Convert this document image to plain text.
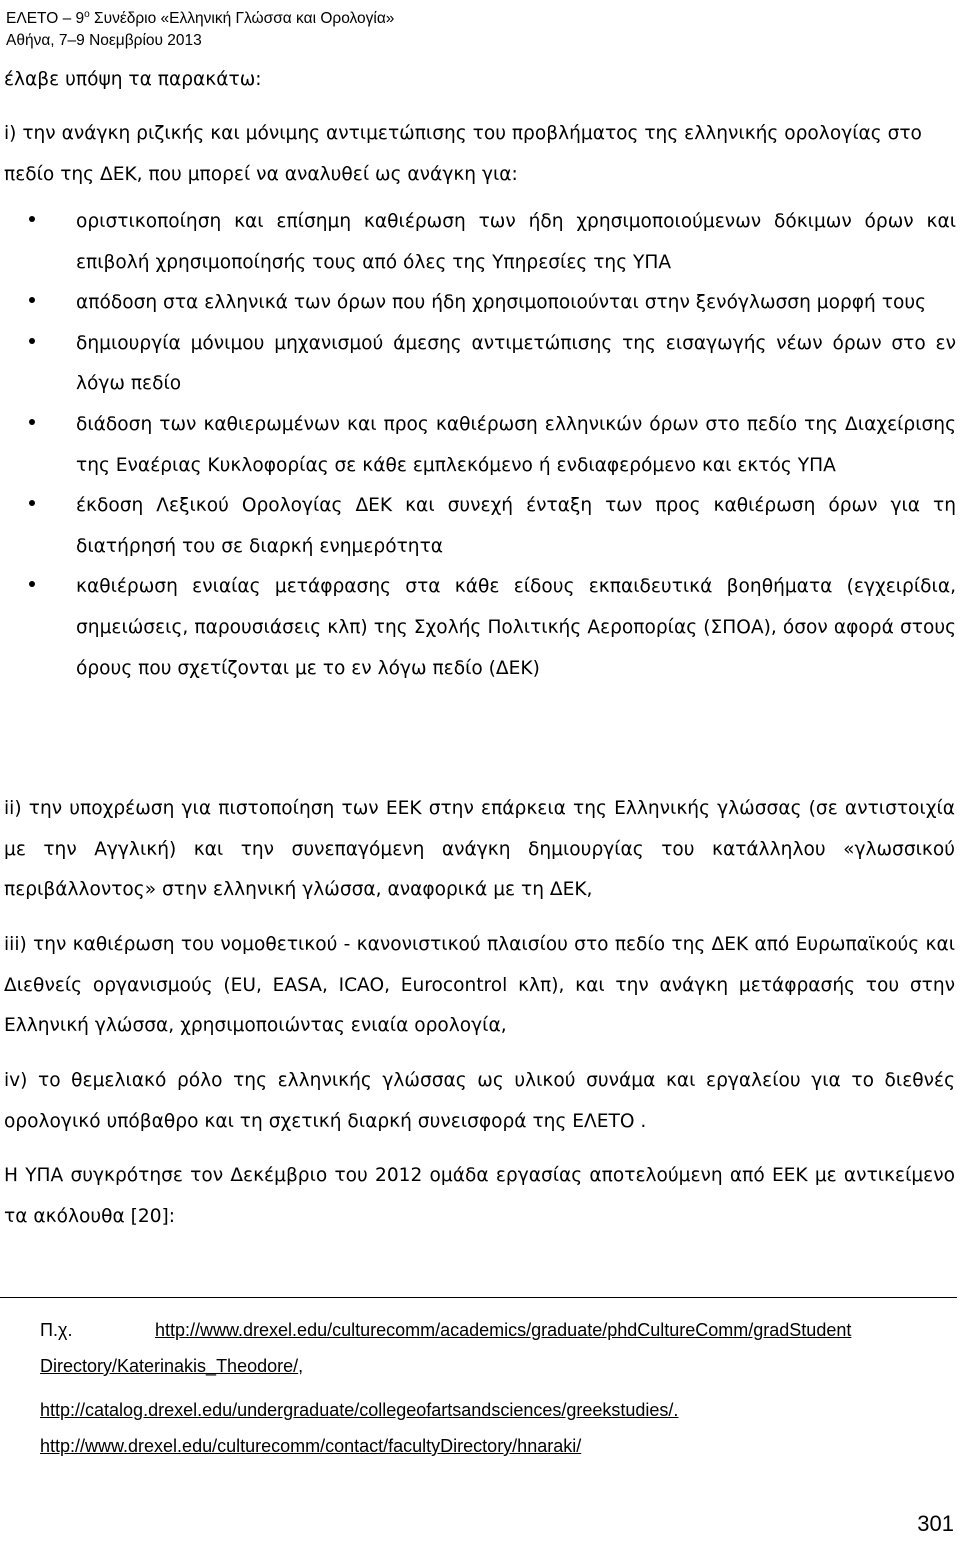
ΕΛΕΤΟ – $9^o$ Συνέδριο «Ελληνική Γλώσσα και Ορολογία»
Αθήνα, 7–9 Νοεμβρίου 2013

έλαβε υπόψη τα παρακάτω:

i) την ανάγκη ριζικής και μόνιμης αντιμετώπισης του προβλήματος της ελληνικής ορολογίας στο πεδίο της ΔΕΚ, που μπορεί να αναλυθεί ως ανάγκη για:

οριστικοποίηση και επίσημη καθιέρωση των ήδη χρησιμοποιούμενων δόκιμων όρων και επιβολή χρησιμοποίησής τους από όλες της Υπηρεσίες της ΥΠΑ
απόδοση στα ελληνικά των όρων που ήδη χρησιμοποιούνται στην ξενόγλωσση μορφή τους
δημιουργία μόνιμου μηχανισμού άμεσης αντιμετώπισης της εισαγωγής νέων όρων στο εν λόγω πεδίο
διάδοση των καθιερωμένων και προς καθιέρωση ελληνικών όρων στο πεδίο της Διαχείρισης της Εναέριας Κυκλοφορίας σε κάθε εμπλεκόμενο ή ενδιαφερόμενο και εκτός ΥΠΑ
έκδοση Λεξικού Ορολογίας ΔΕΚ και συνεχή ένταξη των προς καθιέρωση όρων για τη διατήρησή του σε διαρκή ενημερότητα
καθιέρωση ενιαίας μετάφρασης στα κάθε είδους εκπαιδευτικά βοηθήματα (εγχειρίδια, σημειώσεις, παρουσιάσεις κλπ) της Σχολής Πολιτικής Αεροπορίας (ΣΠΟΑ), όσον αφορά στους όρους που σχετίζονται με το εν λόγω πεδίο (ΔΕΚ)

ii) την υποχρέωση για πιστοποίηση των ΕΕΚ στην επάρκεια της Ελληνικής γλώσσας (σε αντιστοιχία με την Αγγλική) και την συνεπαγόμενη ανάγκη δημιουργίας του κατάλληλου «γλωσσικού περιβάλλοντος» στην ελληνική γλώσσα, αναφορικά με τη ΔΕΚ,

iii) την καθιέρωση του νομοθετικού - κανονιστικού πλαισίου στο πεδίο της ΔΕΚ από Ευρωπαϊκούς και Διεθνείς οργανισμούς (EU, EASA, ICAO, Eurocontrol κλπ), και την ανάγκη μετάφρασής του στην Ελληνική γλώσσα, χρησιμοποιώντας ενιαία ορολογία,

iv) το θεμελιακό ρόλο της ελληνικής γλώσσας ως υλικού συνάμα και εργαλείου για το διεθνές ορολογικό υπόβαθρο και τη σχετική διαρκή συνεισφορά της ΕΛΕΤΟ .

Η ΥΠΑ συγκρότησε τον Δεκέμβριο του 2012 ομάδα εργασίας αποτελούμενη από ΕΕΚ με αντικείμενο τα ακόλουθα [20]:

Π.χ.	http://www.drexel.edu/culturecomm/academics/graduate/phdCultureComm/gradStudent
Directory/Katerinakis_Theodore/,
http://catalog.drexel.edu/undergraduate/collegeofartsandsciences/greekstudies/.
http://www.drexel.edu/culturecomm/contact/facultyDirectory/hnaraki/
301
